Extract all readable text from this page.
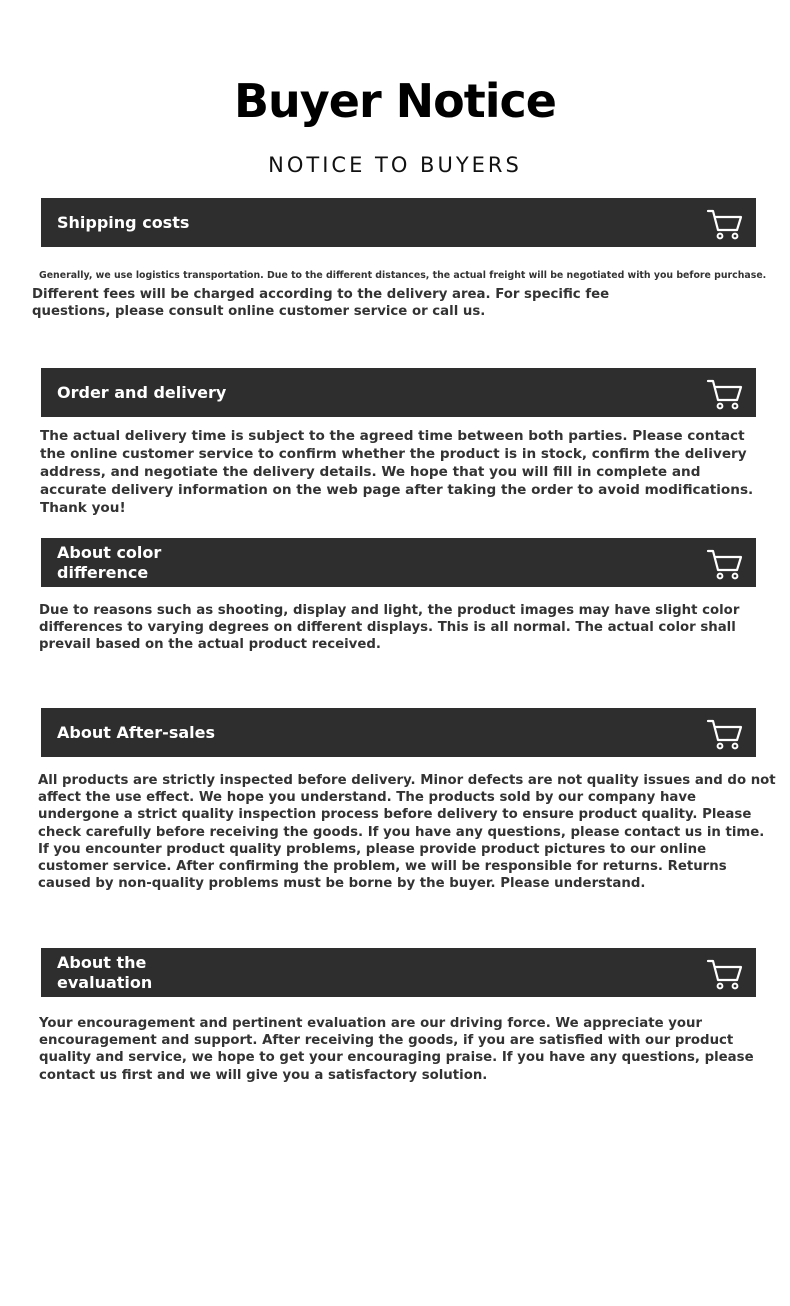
Buyer Notice
NOTICE TO BUYERS
Shipping costs

Generally, we use logistics transportation. Due to the different distances, the actual freight will be negotiated with you before purchase.

Different fees will be charged according to the delivery area. For specific fee questions, please consult online customer service or call us.

Order and delivery

The actual delivery time is subject to the agreed time between both parties. Please contact the online customer service to confirm whether the product is in stock, confirm the delivery address, and negotiate the delivery details. We hope that you will fill in complete and accurate delivery information on the web page after taking the order to avoid modifications. Thank you!

About color difference

Due to reasons such as shooting, display and light, the product images may have slight color differences to varying degrees on different displays. This is all normal. The actual color shall prevail based on the actual product received.

About After-sales

All products are strictly inspected before delivery. Minor defects are not quality issues and do not affect the use effect. We hope you understand. The products sold by our company have undergone a strict quality inspection process before delivery to ensure product quality. Please check carefully before receiving the goods. If you have any questions, please contact us in time. If you encounter product quality problems, please provide product pictures to our online customer service. After confirming the problem, we will be responsible for returns. Returns caused by non-quality problems must be borne by the buyer. Please understand.

About the evaluation

Your encouragement and pertinent evaluation are our driving force. We appreciate your encouragement and support. After receiving the goods, if you are satisfied with our product quality and service, we hope to get your encouraging praise. If you have any questions, please contact us first and we will give you a satisfactory solution.
